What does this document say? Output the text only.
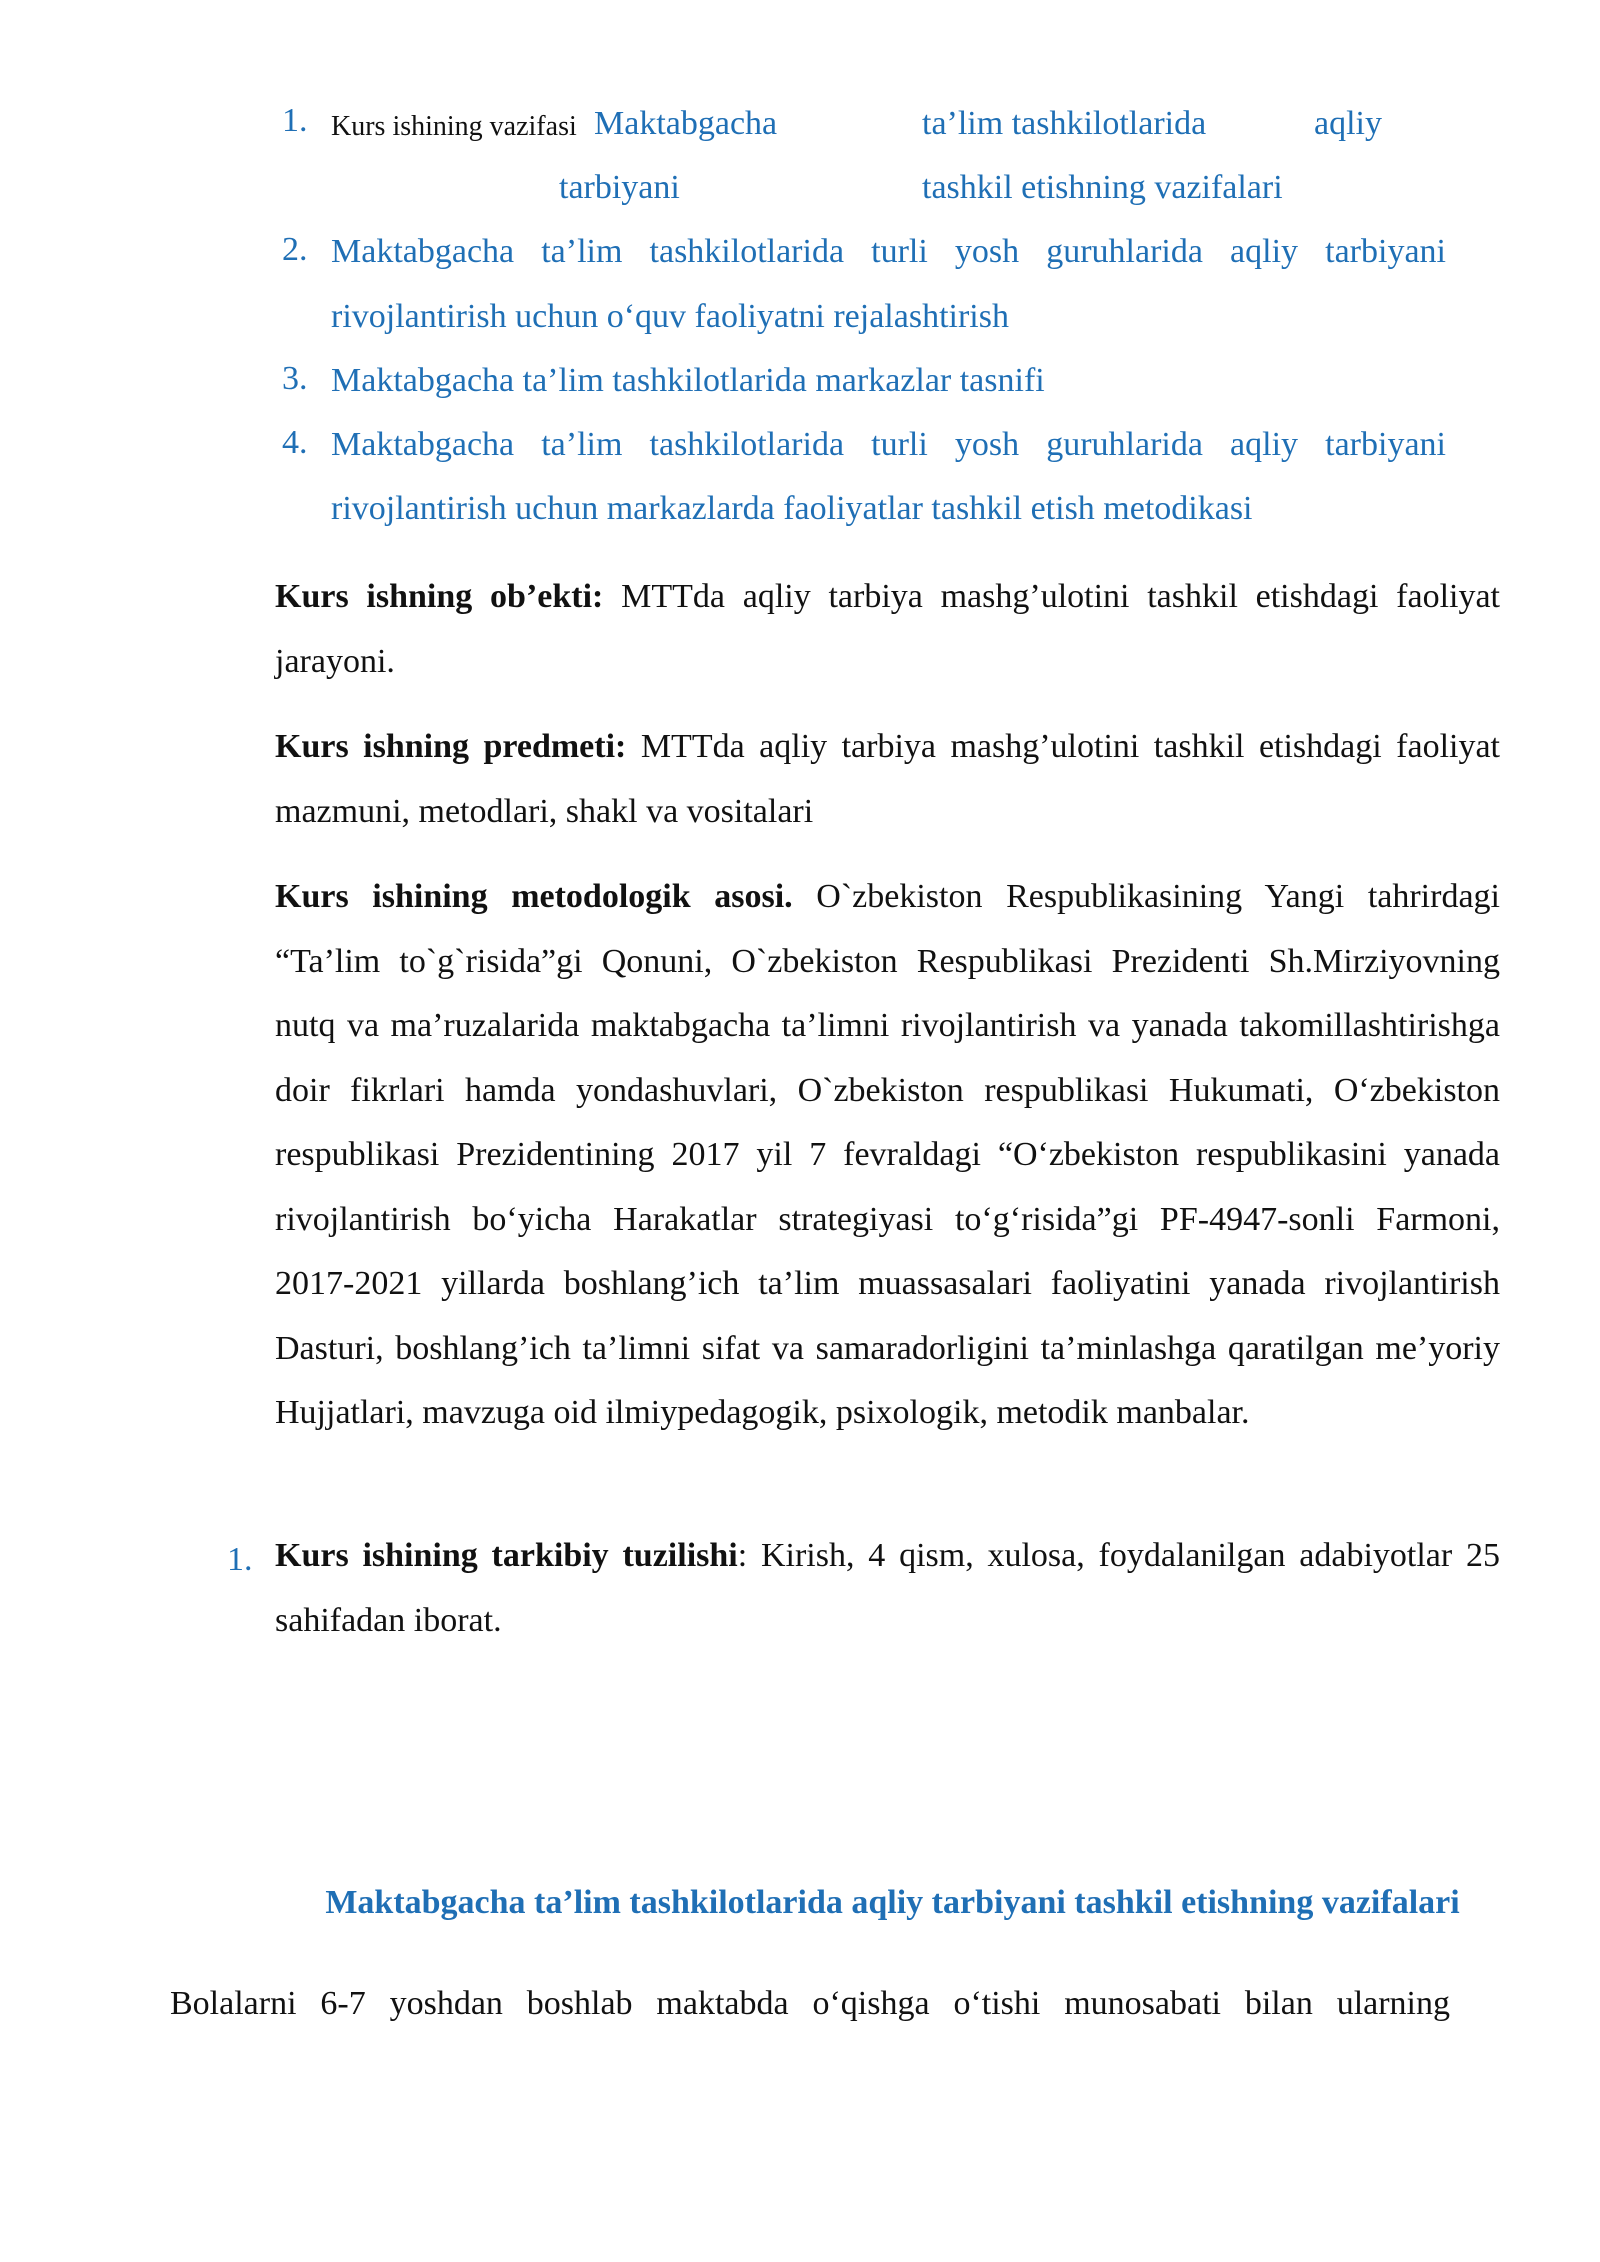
1. Kurs ishining vazifasi Maktabgacha	ta’lim tashkilotlarida	aqliy
tarbiyani	tashkil etishning vazifalari
2. Maktabgacha ta’lim tashkilotlarida turli yosh guruhlarida aqliy tarbiyani
rivojlantirish uchun o‘quv faoliyatni rejalashtirish
3. Maktabgacha ta’lim tashkilotlarida markazlar tasnifi
4. Maktabgacha ta’lim tashkilotlarida turli yosh guruhlarida aqliy tarbiyani
rivojlantirish uchun markazlarda faoliyatlar tashkil etish metodikasi

Kurs ishning ob’ekti: MTTda aqliy tarbiya mashg’ulotini tashkil etishdagi faoliyat jarayoni.

Kurs ishning predmeti: MTTda aqliy tarbiya mashg’ulotini tashkil etishdagi faoliyat mazmuni, metodlari, shakl va vositalari

Kurs ishining metodologik asosi. O`zbekiston Respublikasining Yangi tahrirdagi “Ta’lim to`g`risida”gi Qonuni, O`zbekiston Respublikasi Prezidenti Sh.Mirziyovning nutq va ma’ruzalarida maktabgacha ta’limni rivojlantirish va yanada takomillashtirishga doir fikrlari hamda yondashuvlari, O`zbekiston respublikasi Hukumati, O‘zbekiston respublikasi Prezidentining 2017 yil 7 fevraldagi “O‘zbekiston respublikasini yanada rivojlantirish bo‘yicha Harakatlar strategiyasi to‘g‘risida”gi PF-4947-sonli Farmoni, 2017-2021 yillarda boshlang’ich ta’lim muassasalari faoliyatini yanada rivojlantirish Dasturi, boshlang’ich ta’limni sifat va samaradorligini ta’minlashga qaratilgan me’yoriy Hujjatlari, mavzuga oid ilmiypedagogik, psixologik, metodik manbalar.

1. Kurs ishining tarkibiy tuzilishi: Kirish, 4 qism, xulosa, foydalanilgan adabiyotlar 25 sahifadan iborat.

Maktabgacha ta’lim tashkilotlarida aqliy tarbiyani tashkil etishning vazifalari
Bolalarni 6-7 yoshdan boshlab maktabda o‘qishga o‘tishi munosabati bilan ularning
